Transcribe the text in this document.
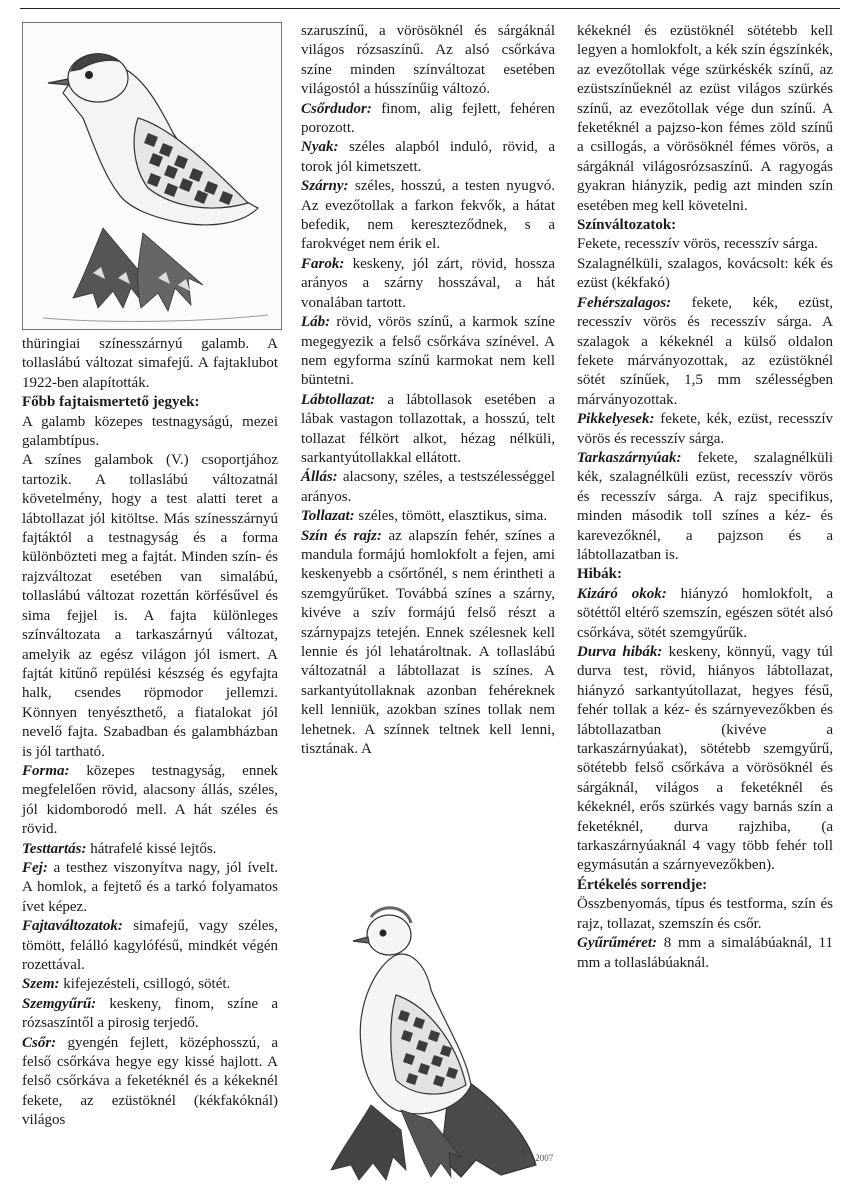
thüringiai színesszárnyú galamb. A tollaslábú változat simafejű. A fajtaklubot 1922-ben alapították.

Főbb fajtaismertető jegyek:

A galamb közepes testnagyságú, mezei galambtípus.

A színes galambok (V.) csoportjához tartozik. A tollaslábú változatnál követelmény, hogy a test alatti teret a lábtollazat jól kitöltse. Más színesszárnyú fajtáktól a testnagyság és a forma különbözteti meg a fajtát. Minden szín- és rajzváltozat esetében van simalábú, tollaslábú változat rozettán körfésűvel és sima fejjel is. A fajta különleges színváltozata a tarkaszárnyú változat, amelyik az egész világon jól ismert. A fajtát kitűnő repülési készség és egyfajta halk, csendes röpmodor jellemzi. Könnyen tenyészthető, a fiatalokat jól nevelő fajta. Szabadban és galambházban is jól tartható.

Forma: közepes testnagyság, ennek megfelelően rövid, alacsony állás, széles, jól kidomborodó mell. A hát széles és rövid.

Testtartás: hátrafelé kissé lejtős.

Fej: a testhez viszonyítva nagy, jól ívelt. A homlok, a fejtető és a tarkó folyamatos ívet képez.

Fajtaváltozatok: simafejű, vagy széles, tömött, felálló kagylófésű, mindkét végén rozettával.

Szem: kifejezésteli, csillogó, sötét.

Szemgyűrű: keskeny, finom, színe a rózsaszíntől a pirosig terjedő.

Csőr: gyengén fejlett, középhosszú, a felső csőrkáva hegye egy kissé hajlott. A felső csőrkáva a feketéknél és a kékeknél fekete, az ezüstöknél (kékfakóknál) világos

szaruszínű, a vörösöknél és sárgáknál világos rózsaszínű. Az alsó csőrkáva színe minden színváltozat esetében világostól a hússzínűig változó.

Csőrdudor: finom, alig fejlett, fehéren porozott.

Nyak: széles alapból induló, rövid, a torok jól kimetszett.

Szárny: széles, hosszú, a testen nyugvó. Az evezőtollak a farkon fekvők, a hátat befedik, nem kereszteződnek, s a farokvéget nem érik el.

Farok: keskeny, jól zárt, rövid, hossza arányos a szárny hosszával, a hát vonalában tartott.

Láb: rövid, vörös színű, a karmok színe megegyezik a felső csőrkáva színével. A nem egyforma színű karmokat nem kell büntetni.

Lábtollazat: a lábtollasok esetében a lábak vastagon tollazottak, a hosszú, telt tollazat félkört alkot, hézag nélküli, sarkantyútollakkal ellátott.

Állás: alacsony, széles, a testszélességgel arányos.

Tollazat: széles, tömött, elasztikus, sima.

Szín és rajz: az alapszín fehér, színes a mandula formájú homlokfolt a fejen, ami keskenyebb a csőrtőnél, s nem érintheti a szemgyűrűket. Továbbá színes a szárny, kivéve a szív formájú felső részt a szárnypajzs tetején. Ennek szélesnek kell lennie és jól lehatároltnak. A tollaslábú változatnál a lábtollazat is színes. A sarkantyútollaknak azonban fehéreknek kell lenniük, azokban színes tollak nem lehetnek. A színnek teltnek kell lenni, tisztának. A

J.B. 2007

kékeknél és ezüstöknél sötétebb kell legyen a homlokfolt, a kék szín égszínkék, az evezőtollak vége szürkéskék színű, az ezüstszínűeknél az ezüst világos szürkés színű, az evezőtollak vége dun színű. A feketéknél a pajzso-kon fémes zöld színű a csillogás, a vörösöknél fémes vörös, a sárgáknál világosrózsaszínű. A ragyogás gyakran hiányzik, pedig azt minden szín esetében meg kell követelni.

Színváltozatok:

Fekete, recesszív vörös, recesszív sárga.

Szalagnélküli, szalagos, kovácsolt: kék és ezüst (kékfakó)

Fehérszalagos: fekete, kék, ezüst, recesszív vörös és recesszív sárga. A szalagok a kékeknél a külső oldalon fekete márványozottak, az ezüstöknél sötét színűek, 1,5 mm szélességben márványozottak.

Pikkelyesek: fekete, kék, ezüst, recesszív vörös és recesszív sárga.

Tarkaszárnyúak: fekete, szalagnélküli kék, szalagnélküli ezüst, recesszív vörös és recesszív sárga. A rajz specifikus, minden második toll színes a kéz- és karevezőknél, a pajzson és a lábtollazatban is.

Hibák:

Kizáró okok: hiányzó homlokfolt, a sötéttől eltérő szemszín, egészen sötét alsó csőrkáva, sötét szemgyűrűk.

Durva hibák: keskeny, könnyű, vagy túl durva test, rövid, hiányos lábtollazat, hiányzó sarkantyútollazat, hegyes fésű, fehér tollak a kéz- és szárnyevezőkben és lábtollazatban (kivéve a tarkaszárnyúakat), sötétebb szemgyűrű, sötétebb felső csőrkáva a vörösöknél és sárgáknál, világos a feketéknél és kékeknél, erős szürkés vagy barnás szín a feketéknél, durva rajzhiba, (a tarkaszárnyúaknál 4 vagy több fehér toll egymásután a szárnyevezőkben).

Értékelés sorrendje:

Összbenyomás, típus és testforma, szín és rajz, tollazat, szemszín és csőr.

Gyűrűméret: 8 mm a simalábúaknál, 11 mm a tollaslábúaknál.
